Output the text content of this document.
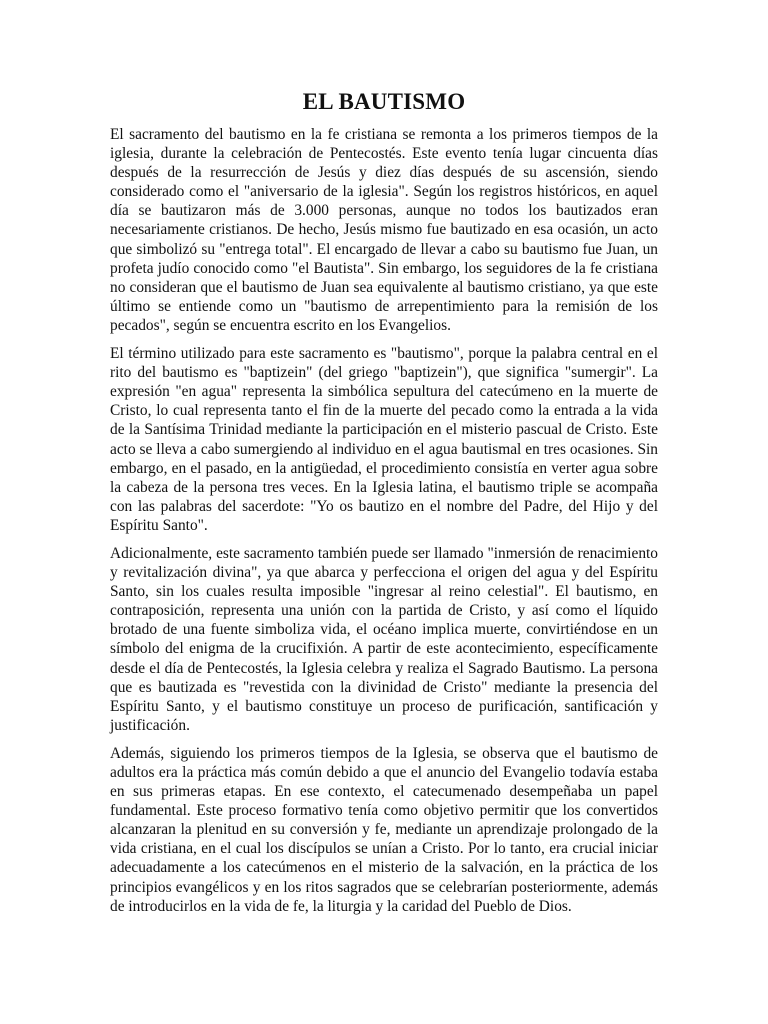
EL BAUTISMO

El sacramento del bautismo en la fe cristiana se remonta a los primeros tiempos de la iglesia, durante la celebración de Pentecostés. Este evento tenía lugar cincuenta días después de la resurrección de Jesús y diez días después de su ascensión, siendo considerado como el "aniversario de la iglesia". Según los registros históricos, en aquel día se bautizaron más de 3.000 personas, aunque no todos los bautizados eran necesariamente cristianos. De hecho, Jesús mismo fue bautizado en esa ocasión, un acto que simbolizó su "entrega total". El encargado de llevar a cabo su bautismo fue Juan, un profeta judío conocido como "el Bautista". Sin embargo, los seguidores de la fe cristiana no consideran que el bautismo de Juan sea equivalente al bautismo cristiano, ya que este último se entiende como un "bautismo de arrepentimiento para la remisión de los pecados", según se encuentra escrito en los Evangelios.

El término utilizado para este sacramento es "bautismo", porque la palabra central en el rito del bautismo es "baptizein" (del griego "baptizein"), que significa "sumergir". La expresión "en agua" representa la simbólica sepultura del catecúmeno en la muerte de Cristo, lo cual representa tanto el fin de la muerte del pecado como la entrada a la vida de la Santísima Trinidad mediante la participación en el misterio pascual de Cristo. Este acto se lleva a cabo sumergiendo al individuo en el agua bautismal en tres ocasiones. Sin embargo, en el pasado, en la antigüedad, el procedimiento consistía en verter agua sobre la cabeza de la persona tres veces. En la Iglesia latina, el bautismo triple se acompaña con las palabras del sacerdote: "Yo os bautizo en el nombre del Padre, del Hijo y del Espíritu Santo".

Adicionalmente, este sacramento también puede ser llamado "inmersión de renacimiento y revitalización divina", ya que abarca y perfecciona el origen del agua y del Espíritu Santo, sin los cuales resulta imposible "ingresar al reino celestial". El bautismo, en contraposición, representa una unión con la partida de Cristo, y así como el líquido brotado de una fuente simboliza vida, el océano implica muerte, convirtiéndose en un símbolo del enigma de la crucifixión. A partir de este acontecimiento, específicamente desde el día de Pentecostés, la Iglesia celebra y realiza el Sagrado Bautismo. La persona que es bautizada es "revestida con la divinidad de Cristo" mediante la presencia del Espíritu Santo, y el bautismo constituye un proceso de purificación, santificación y justificación.

Además, siguiendo los primeros tiempos de la Iglesia, se observa que el bautismo de adultos era la práctica más común debido a que el anuncio del Evangelio todavía estaba en sus primeras etapas. En ese contexto, el catecumenado desempeñaba un papel fundamental. Este proceso formativo tenía como objetivo permitir que los convertidos alcanzaran la plenitud en su conversión y fe, mediante un aprendizaje prolongado de la vida cristiana, en el cual los discípulos se unían a Cristo. Por lo tanto, era crucial iniciar adecuadamente a los catecúmenos en el misterio de la salvación, en la práctica de los principios evangélicos y en los ritos sagrados que se celebrarían posteriormente, además de introducirlos en la vida de fe, la liturgia y la caridad del Pueblo de Dios.
